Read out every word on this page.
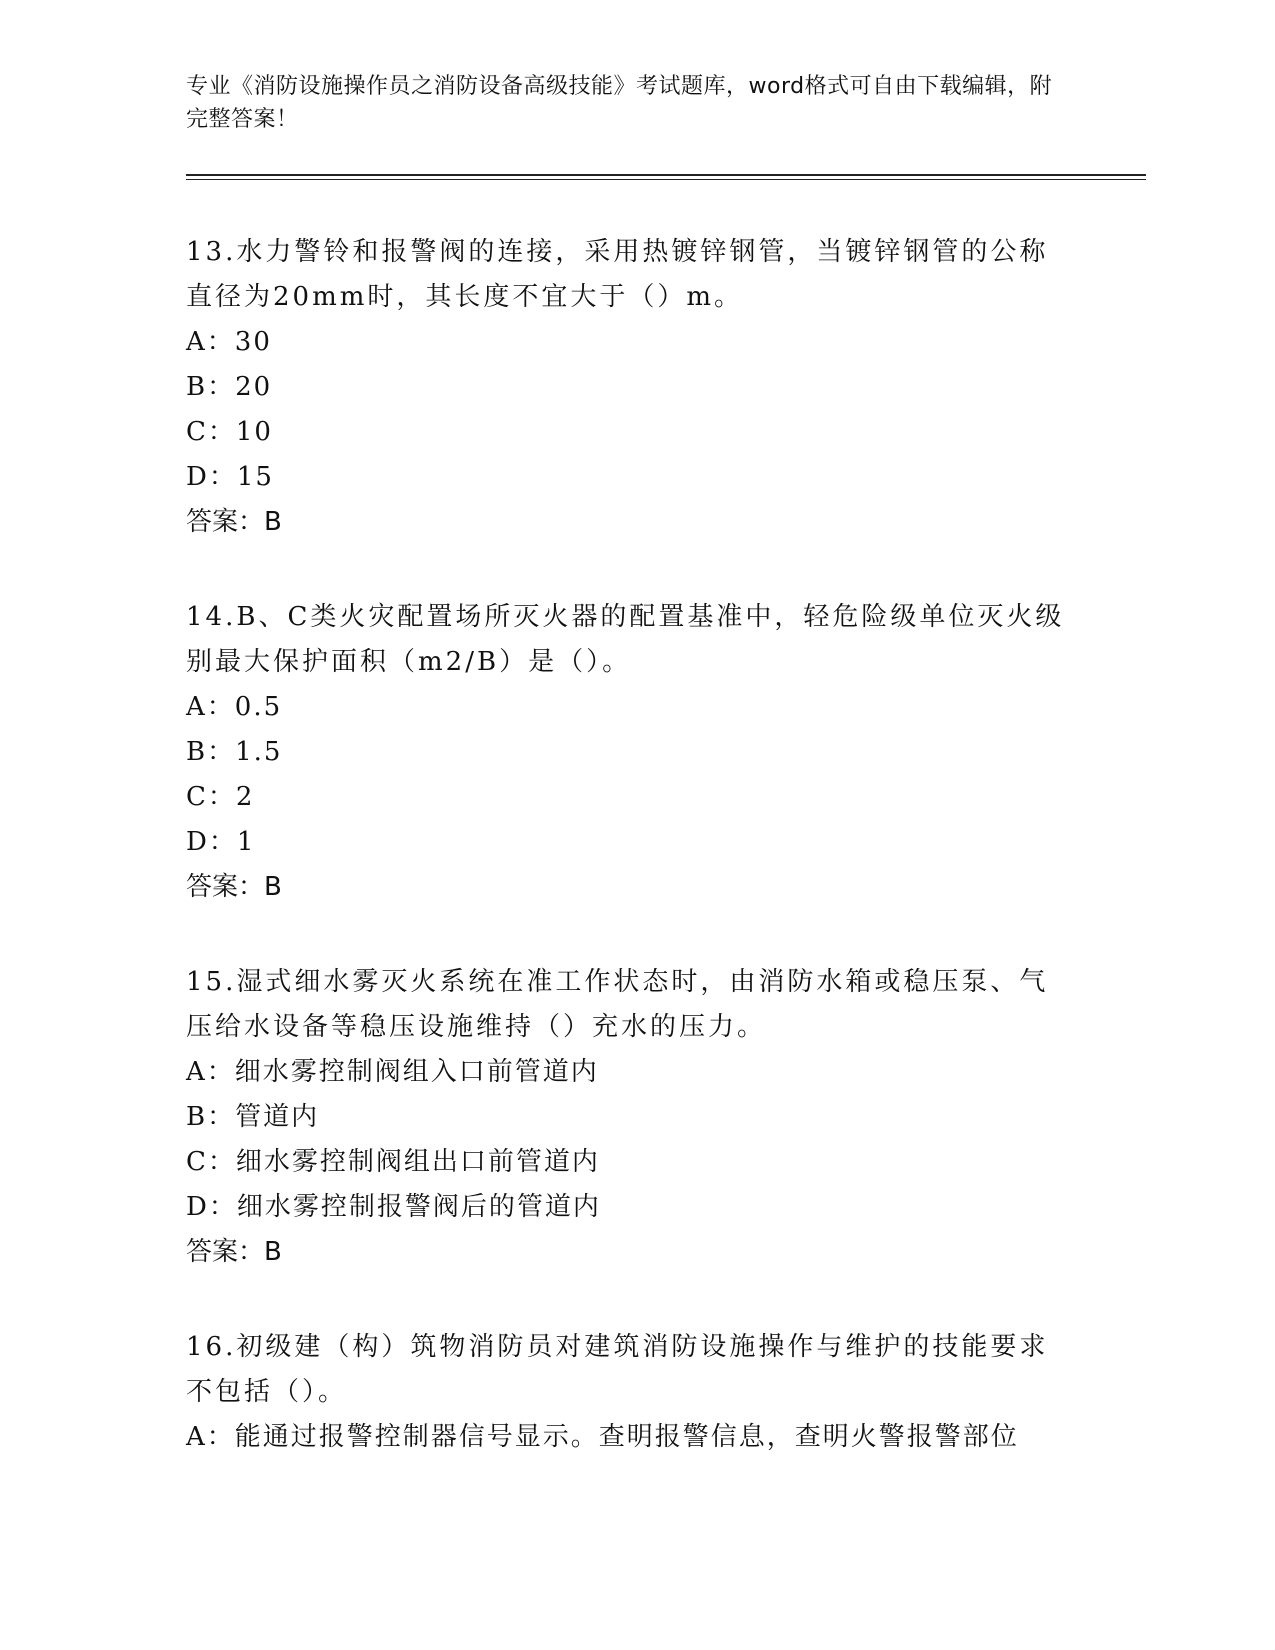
专业《消防设施操作员之消防设备高级技能》考试题库，word格式可自由下载编辑，附完整答案！

13.水力警铃和报警阀的连接，采用热镀锌钢管，当镀锌钢管的公称直径为20mm时，其长度不宜大于（）m。

A：30

B：20

C：10

D：15

答案：B

14.B、C类火灾配置场所灭火器的配置基准中，轻危险级单位灭火级别最大保护面积（m2/B）是（）。

A：0.5

B：1.5

C：2

D：1

答案：B

15.湿式细水雾灭火系统在准工作状态时，由消防水箱或稳压泵、气压给水设备等稳压设施维持（）充水的压力。

A：细水雾控制阀组入口前管道内

B：管道内

C：细水雾控制阀组出口前管道内

D：细水雾控制报警阀后的管道内

答案：B

16.初级建（构）筑物消防员对建筑消防设施操作与维护的技能要求不包括（）。

A：能通过报警控制器信号显示。查明报警信息，查明火警报警部位
